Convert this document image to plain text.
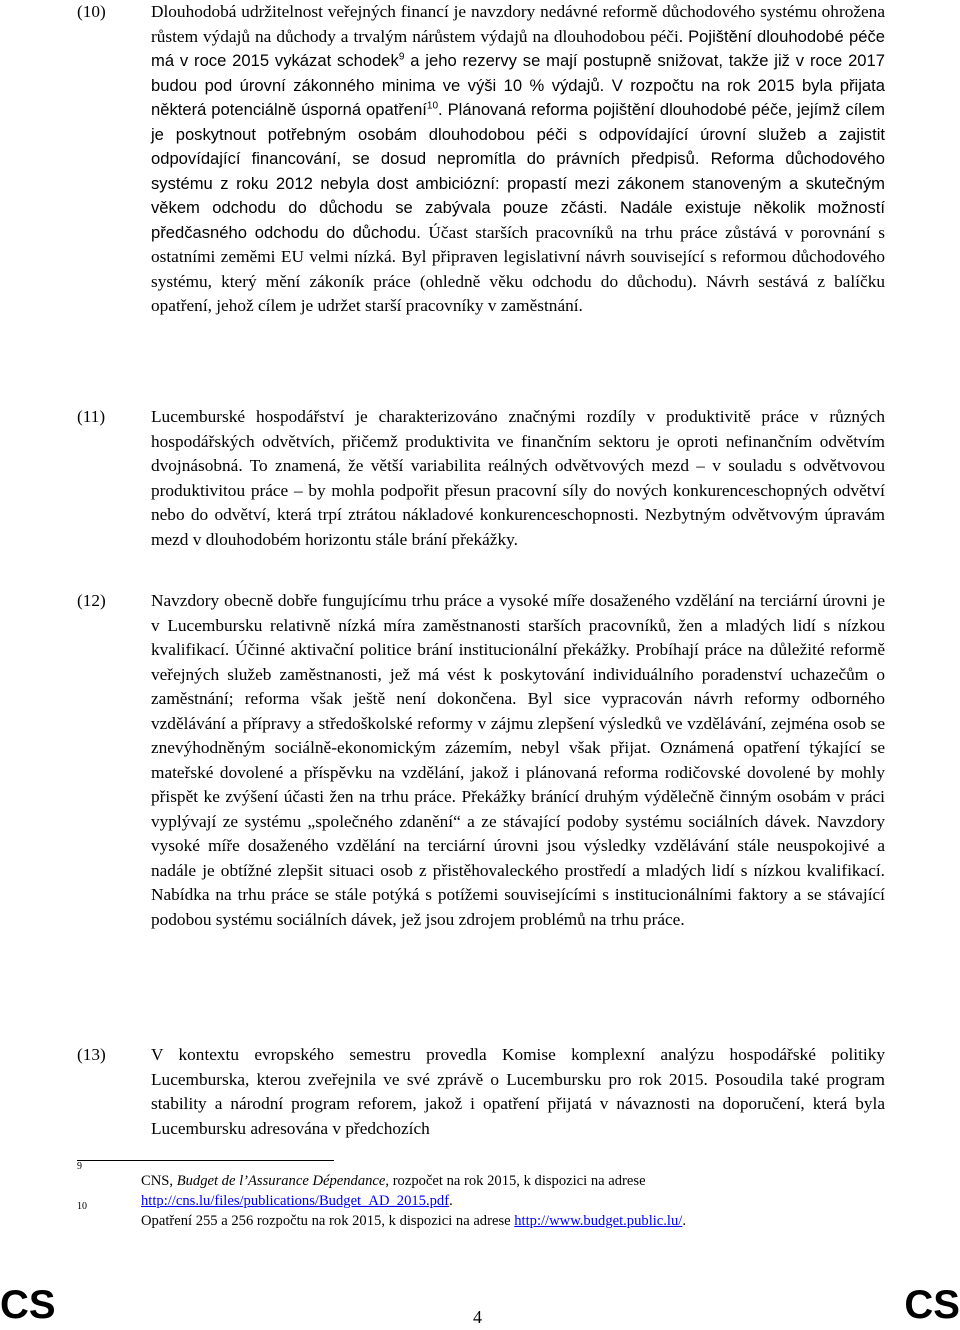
(10)	Dlouhodobá udržitelnost veřejných financí je navzdory nedávné reformě důchodového systému ohrožena růstem výdajů na důchody a trvalým nárůstem výdajů na dlouhodobou péči. Pojištění dlouhodobé péče má v roce 2015 vykázat schodek$^9$ a jeho rezervy se mají postupně snižovat, takže již v roce 2017 budou pod úrovní zákonného minima ve výši 10 % výdajů. V rozpočtu na rok 2015 byla přijata některá potenciálně úsporná opatření$^{10}$. Plánovaná reforma pojištění dlouhodobé péče, jejímž cílem je poskytnout potřebným osobám dlouhodobou péči s odpovídající úrovní služeb a zajistit odpovídající financování, se dosud nepromítla do právních předpisů. Reforma důchodového systému z roku 2012 nebyla dost ambiciózní: propastí mezi zákonem stanoveným a skutečným věkem odchodu do důchodu se zabývala pouze zčásti. Nadále existuje několik možností předčasného odchodu do důchodu. Účast starších pracovníků na trhu práce zůstává v porovnání s ostatními zeměmi EU velmi nízká. Byl připraven legislativní návrh související s reformou důchodového systému, který mění zákoník práce (ohledně věku odchodu do důchodu). Návrh sestává z balíčku opatření, jehož cílem je udržet starší pracovníky v zaměstnání.
(11)	Lucemburské hospodářství je charakterizováno značnými rozdíly v produktivitě práce v různých hospodářských odvětvích, přičemž produktivita ve finančním sektoru je oproti nefinančním odvětvím dvojnásobná. To znamená, že větší variabilita reálných odvětvových mezd – v souladu s odvětvovou produktivitou práce – by mohla podpořit přesun pracovní síly do nových konkurenceschopných odvětví nebo do odvětví, která trpí ztrátou nákladové konkurenceschopnosti. Nezbytným odvětvovým úpravám mezd v dlouhodobém horizontu stále brání překážky.
(12)	Navzdory obecně dobře fungujícímu trhu práce a vysoké míře dosaženého vzdělání na terciární úrovni je v Lucembursku relativně nízká míra zaměstnanosti starších pracovníků, žen a mladých lidí s nízkou kvalifikací. Účinné aktivační politice brání institucionální překážky. Probíhají práce na důležité reformě veřejných služeb zaměstnanosti, jež má vést k poskytování individuálního poradenství uchazečům o zaměstnání; reforma však ještě není dokončena. Byl sice vypracován návrh reformy odborného vzdělávání a přípravy a středoškolské reformy v zájmu zlepšení výsledků ve vzdělávání, zejména osob se znevýhodněným sociálně-ekonomickým zázemím, nebyl však přijat. Oznámená opatření týkající se mateřské dovolené a příspěvku na vzdělání, jakož i plánovaná reforma rodičovské dovolené by mohly přispět ke zvýšení účasti žen na trhu práce. Překážky bránící druhým výdělečně činným osobám v práci vyplývají ze systému „společného zdanění“ a ze stávající podoby systému sociálních dávek. Navzdory vysoké míře dosaženého vzdělání na terciární úrovni jsou výsledky vzdělávání stále neuspokojivé a nadále je obtížné zlepšit situaci osob z přistěhovaleckého prostředí a mladých lidí s nízkou kvalifikací. Nabídka na trhu práce se stále potýká s potížemi souvisejícími s institucionálními faktory a se stávající podobou systému sociálních dávek, jež jsou zdrojem problémů na trhu práce.
(13)	V kontextu evropského semestru provedla Komise komplexní analýzu hospodářské politiky Lucemburska, kterou zveřejnila ve své zprávě o Lucembursku pro rok 2015. Posoudila také program stability a národní program reforem, jakož i opatření přijatá v návaznosti na doporučení, která byla Lucembursku adresována v předchozích
9
CNS, Budget de l’Assurance Dépendance, rozpočet na rok 2015, k dispozici na adrese http://cns.lu/files/publications/Budget_AD_2015.pdf.
10
Opatření 255 a 256 rozpočtu na rok 2015, k dispozici na adrese http://www.budget.public.lu/.
CS	4	CS
